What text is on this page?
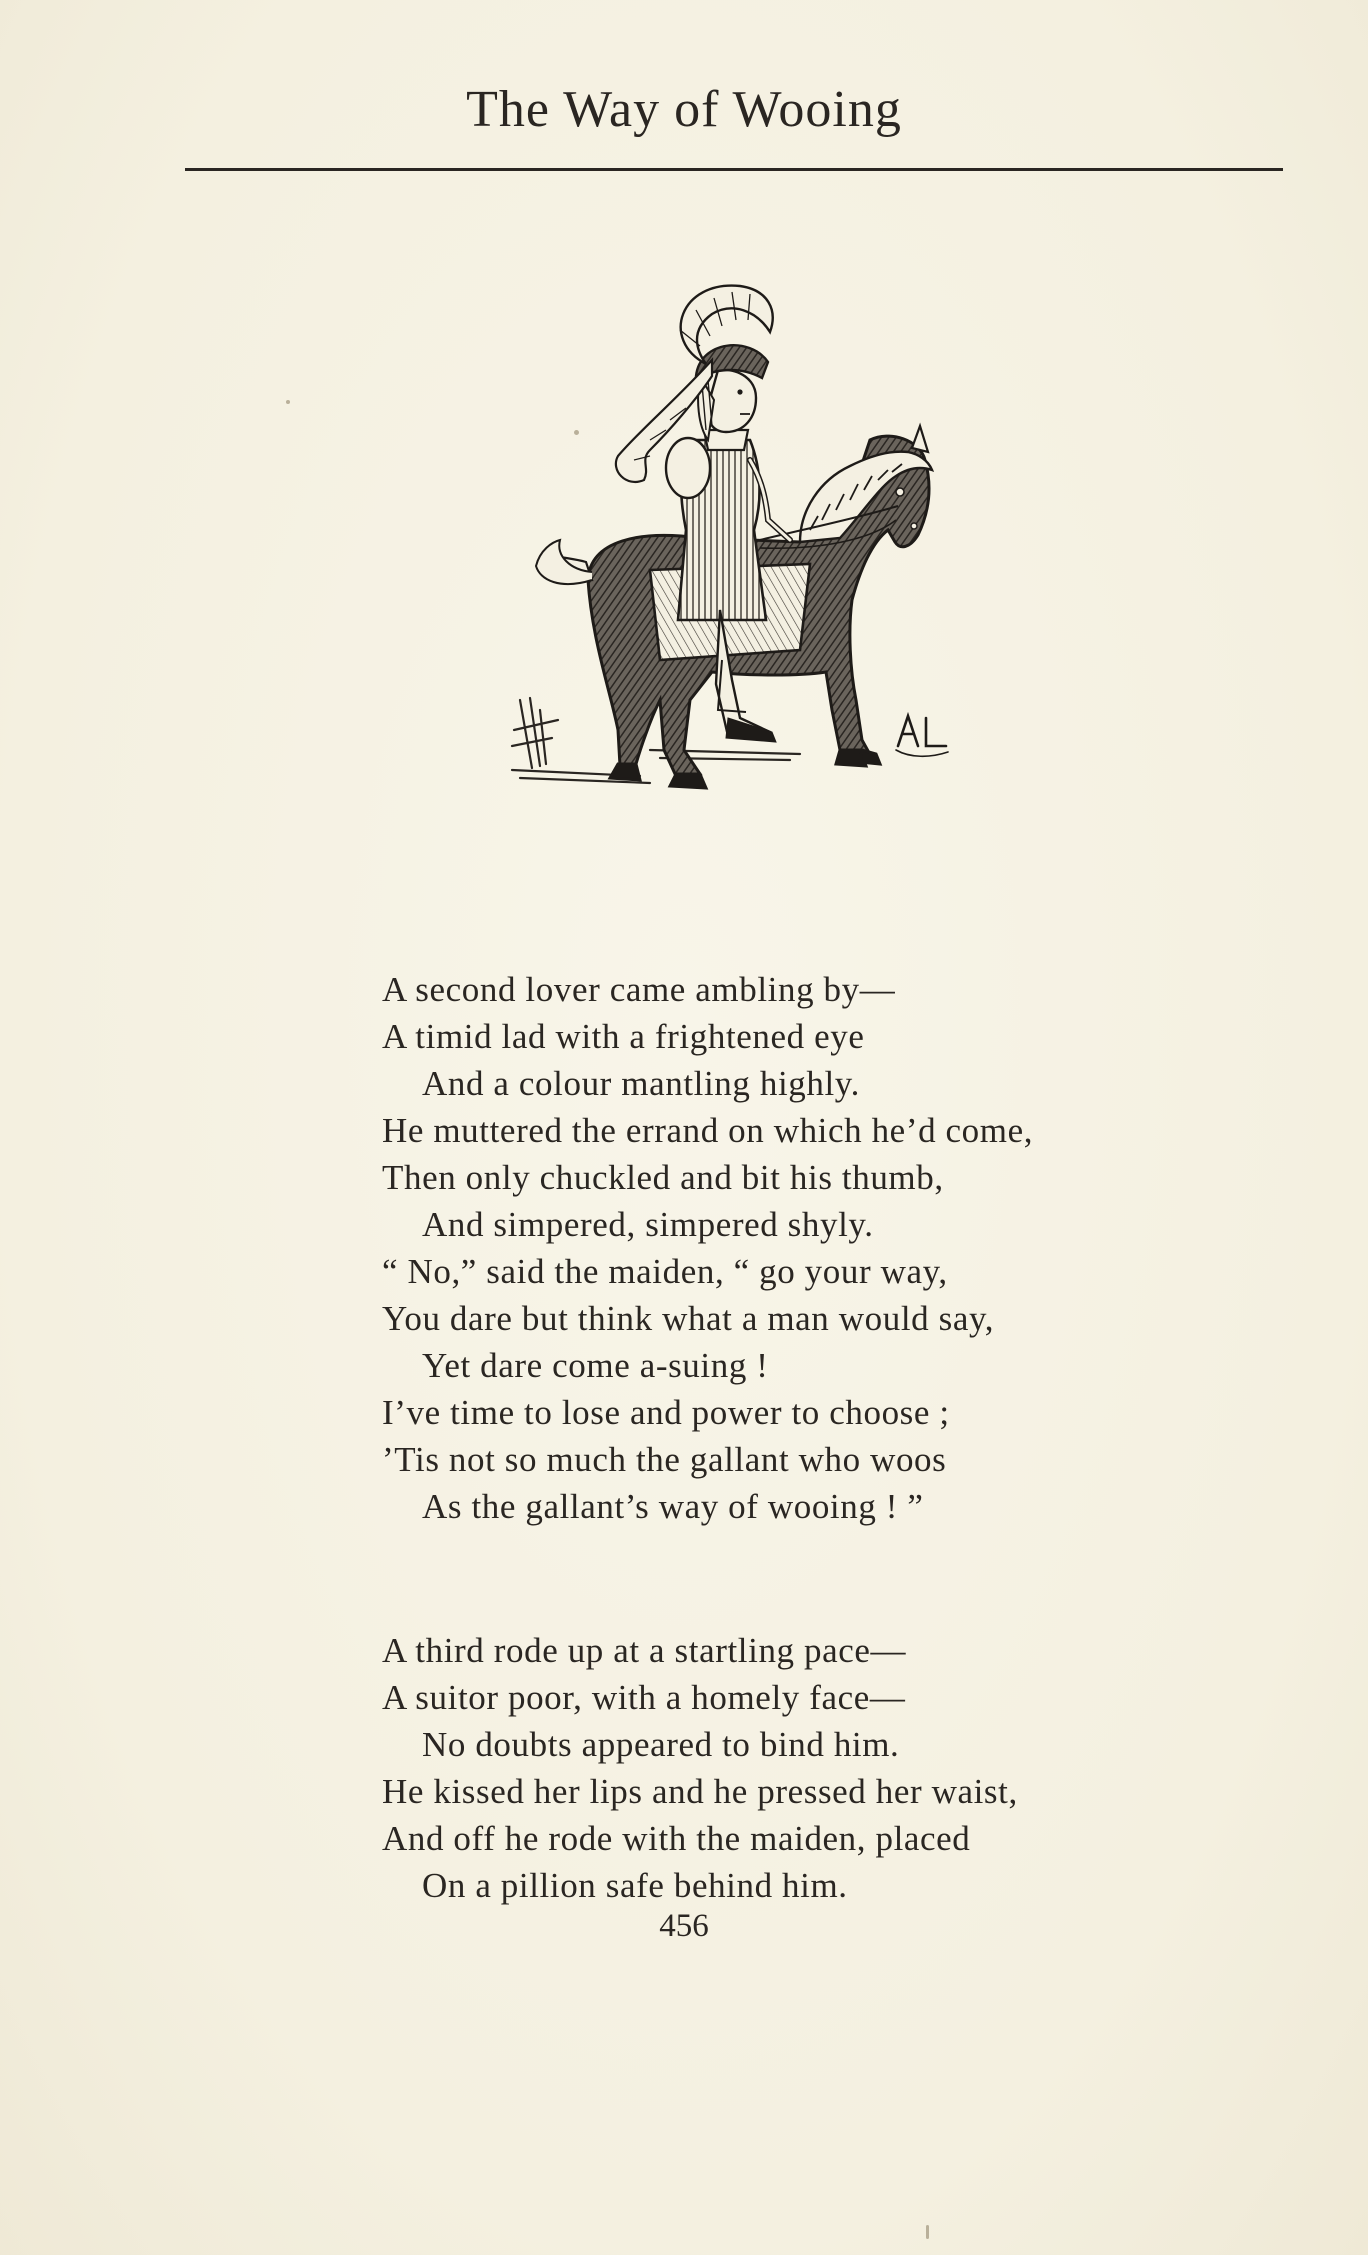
The Way of Wooing
A second lover came ambling by—
A timid lad with a frightened eye
And a colour mantling highly.
He muttered the errand on which he’d come,
Then only chuckled and bit his thumb,
And simpered, simpered shyly.
“ No,” said the maiden, “ go your way,
You dare but think what a man would say,
Yet dare come a-suing !
I’ve time to lose and power to choose ;
’Tis not so much the gallant who woos
As the gallant’s way of wooing ! ”
A third rode up at a startling pace—
A suitor poor, with a homely face—
No doubts appeared to bind him.
He kissed her lips and he pressed her waist,
And off he rode with the maiden, placed
On a pillion safe behind him.
456
